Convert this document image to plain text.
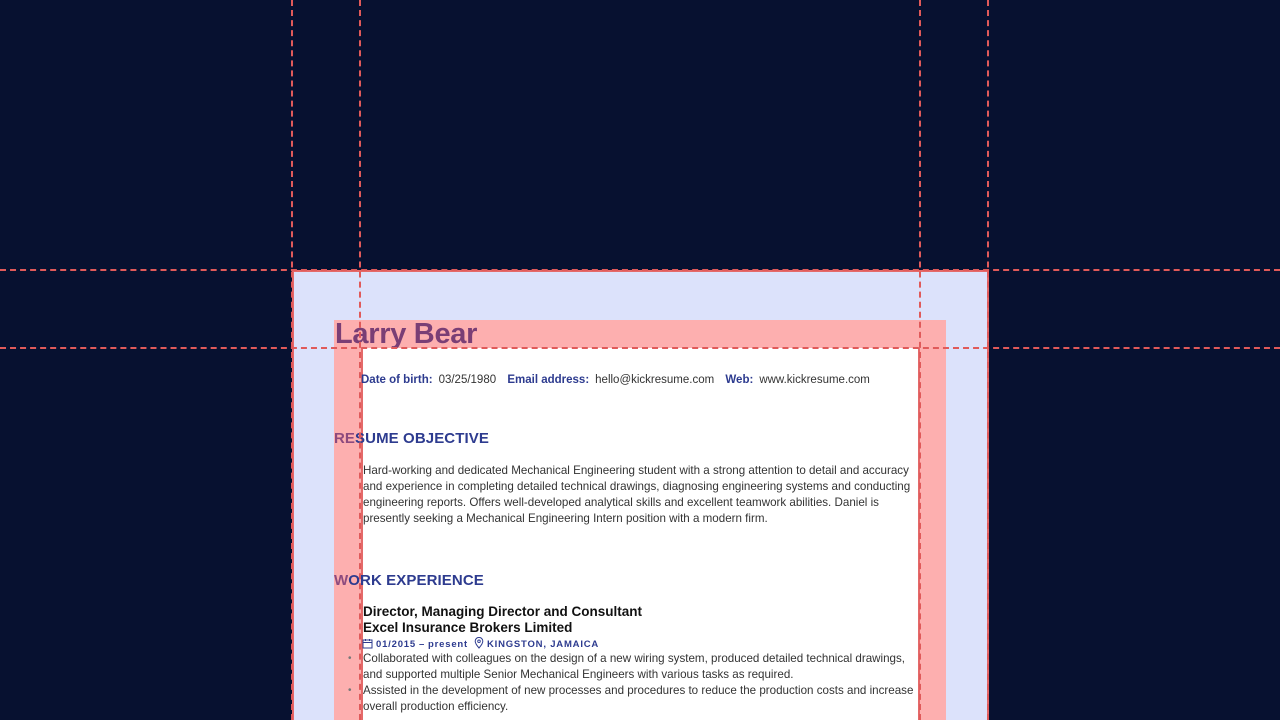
Larry Bear
Date of birth: 03/25/1980 Email address: hello@kickresume.com Web: www.kickresume.com
RESUME OBJECTIVE
Hard-working and dedicated Mechanical Engineering student with a strong attention to detail and accuracy and experience in completing detailed technical drawings, diagnosing engineering systems and conducting engineering reports. Offers well-developed analytical skills and excellent teamwork abilities. Daniel is presently seeking a Mechanical Engineering Intern position with a modern firm.
WORK EXPERIENCE
Director, Managing Director and Consultant
Excel Insurance Brokers Limited
01/2015 – present KINGSTON, JAMAICA
• Collaborated with colleagues on the design of a new wiring system, produced detailed technical drawings, and supported multiple Senior Mechanical Engineers with various tasks as required.
• Assisted in the development of new processes and procedures to reduce the production costs and increase overall production efficiency.
